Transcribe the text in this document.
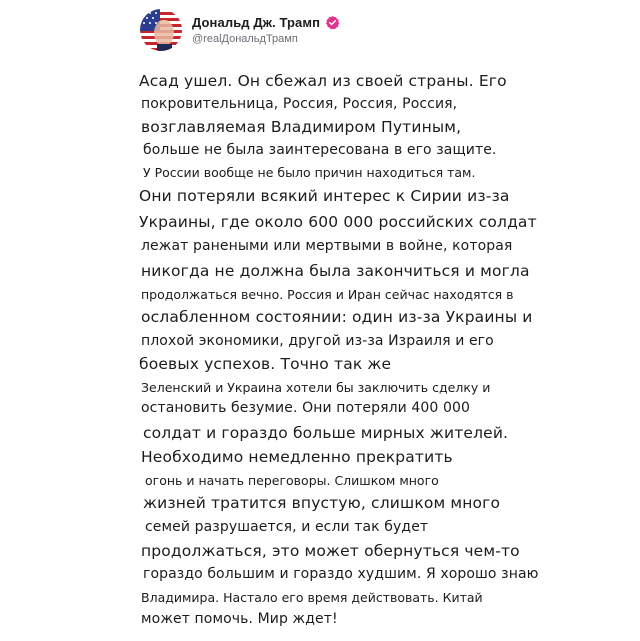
Дональд Дж. Трамп
@realДональдТрамп
Асад ушел. Он сбежал из своей страны. Его
покровительница, Россия, Россия, Россия,
возглавляемая Владимиром Путиным,
больше не была заинтересована в его защите.
У России вообще не было причин находиться там.
Они потеряли всякий интерес к Сирии из-за
Украины, где около 600 000 российских солдат
лежат ранеными или мертвыми в войне, которая
никогда не должна была закончиться и могла
продолжаться вечно. Россия и Иран сейчас находятся в
ослабленном состоянии: один из-за Украины и
плохой экономики, другой из-за Израиля и его
боевых успехов. Точно так же
Зеленский и Украина хотели бы заключить сделку и
остановить безумие. Они потеряли 400 000
солдат и гораздо больше мирных жителей.
Необходимо немедленно прекратить
огонь и начать переговоры. Слишком много
жизней тратится впустую, слишком много
семей разрушается, и если так будет
продолжаться, это может обернуться чем-то
гораздо большим и гораздо худшим. Я хорошо знаю
Владимира. Настало его время действовать. Китай
может помочь. Мир ждет!
